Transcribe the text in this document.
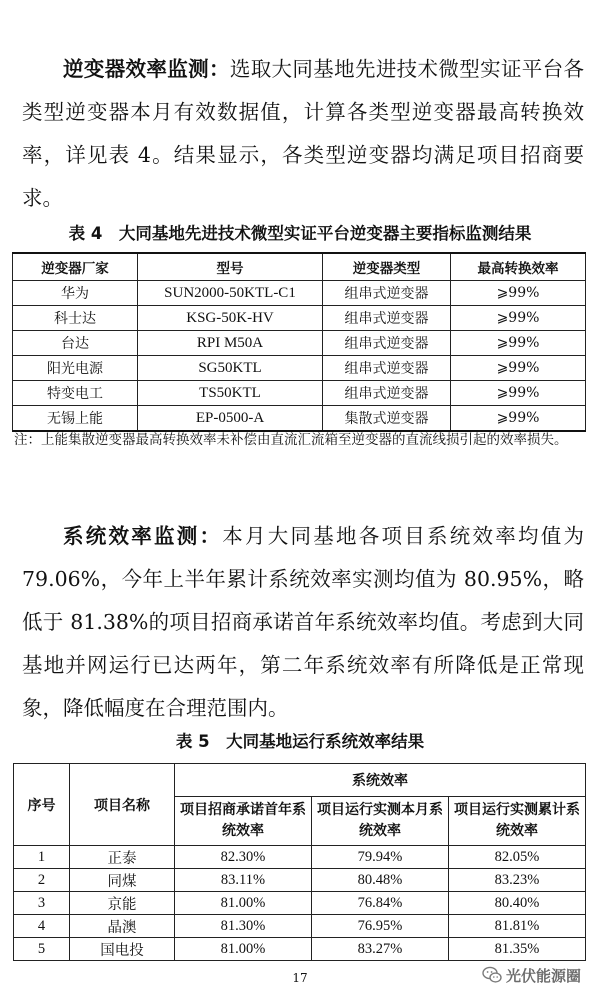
逆变器效率监测：选取大同基地先进技术微型实证平台各类型逆变器本月有效数据值，计算各类型逆变器最高转换效率，详见表 4。结果显示，各类型逆变器均满足项目招商要求。

表 4　大同基地先进技术微型实证平台逆变器主要指标监测结果

逆变器厂家	型号	逆变器类型	最高转换效率
华为	SUN2000-50KTL-C1	组串式逆变器	⩾99%
科士达	KSG-50K-HV	组串式逆变器	⩾99%
台达	RPI M50A	组串式逆变器	⩾99%
阳光电源	SG50KTL	组串式逆变器	⩾99%
特变电工	TS50KTL	组串式逆变器	⩾99%
无锡上能	EP-0500-A	集散式逆变器	⩾99%

注：上能集散逆变器最高转换效率未补偿由直流汇流箱至逆变器的直流线损引起的效率损失。

系统效率监测：本月大同基地各项目系统效率均值为 79.06%，今年上半年累计系统效率实测均值为 80.95%，略低于 81.38%的项目招商承诺首年系统效率均值。考虑到大同基地并网运行已达两年，第二年系统效率有所降低是正常现象，降低幅度在合理范围内。

表 5　大同基地运行系统效率结果

序号	项目名称	系统效率		
		项目招商承诺首年系统效率	项目运行实测本月系统效率	项目运行实测累计系统效率
1	正泰	82.30%	79.94%	82.05%
2	同煤	83.11%	80.48%	83.23%
3	京能	81.00%	76.84%	80.40%
4	晶澳	81.30%	76.95%	81.81%
5	国电投	81.00%	83.27%	81.35%

17	光伏能源圈
